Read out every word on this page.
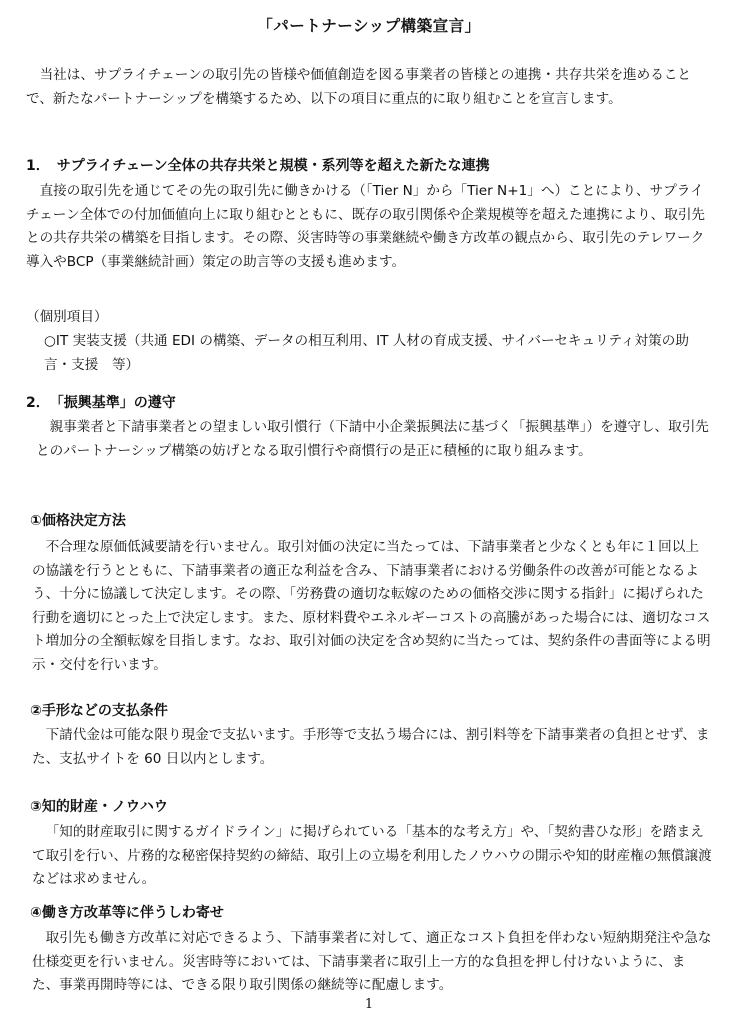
「パートナーシップ構築宣言」

当社は、サプライチェーンの取引先の皆様や価値創造を図る事業者の皆様との連携・共存共栄を進めることで、新たなパートナーシップを構築するため、以下の項目に重点的に取り組むことを宣言します。

1．　サプライチェーン全体の共存共栄と規模・系列等を超えた新たな連携

直接の取引先を通じてその先の取引先に働きかける（「Tier N」から「Tier N+1」へ）ことにより、サプライチェーン全体での付加価値向上に取り組むとともに、既存の取引関係や企業規模等を超えた連携により、取引先との共存共栄の構築を目指します。その際、災害時等の事業継続や働き方改革の観点から、取引先のテレワーク導入やBCP（事業継続計画）策定の助言等の支援も進めます。

（個別項目）

○IT 実装支援（共通 EDI の構築、データの相互利用、IT 人材の育成支援、サイバーセキュリティ対策の助言・支援　等）

2．　「振興基準」の遵守

親事業者と下請事業者との望ましい取引慣行（下請中小企業振興法に基づく「振興基準」）を遵守し、取引先とのパートナーシップ構築の妨げとなる取引慣行や商慣行の是正に積極的に取り組みます。

①価格決定方法

不合理な原価低減要請を行いません。取引対価の決定に当たっては、下請事業者と少なくとも年に１回以上の協議を行うとともに、下請事業者の適正な利益を含み、下請事業者における労働条件の改善が可能となるよう、十分に協議して決定します。その際、「労務費の適切な転嫁のための価格交渉に関する指針」に掲げられた行動を適切にとった上で決定します。また、原材料費やエネルギーコストの高騰があった場合には、適切なコスト増加分の全額転嫁を目指します。なお、取引対価の決定を含め契約に当たっては、契約条件の書面等による明示・交付を行います。

②手形などの支払条件

下請代金は可能な限り現金で支払います。手形等で支払う場合には、割引料等を下請事業者の負担とせず、また、支払サイトを 60 日以内とします。

③知的財産・ノウハウ

「知的財産取引に関するガイドライン」に掲げられている「基本的な考え方」や、「契約書ひな形」を踏まえて取引を行い、片務的な秘密保持契約の締結、取引上の立場を利用したノウハウの開示や知的財産権の無償譲渡などは求めません。

④働き方改革等に伴うしわ寄せ

取引先も働き方改革に対応できるよう、下請事業者に対して、適正なコスト負担を伴わない短納期発注や急な仕様変更を行いません。災害時等においては、下請事業者に取引上一方的な負担を押し付けないように、また、事業再開時等には、できる限り取引関係の継続等に配慮します。

1
